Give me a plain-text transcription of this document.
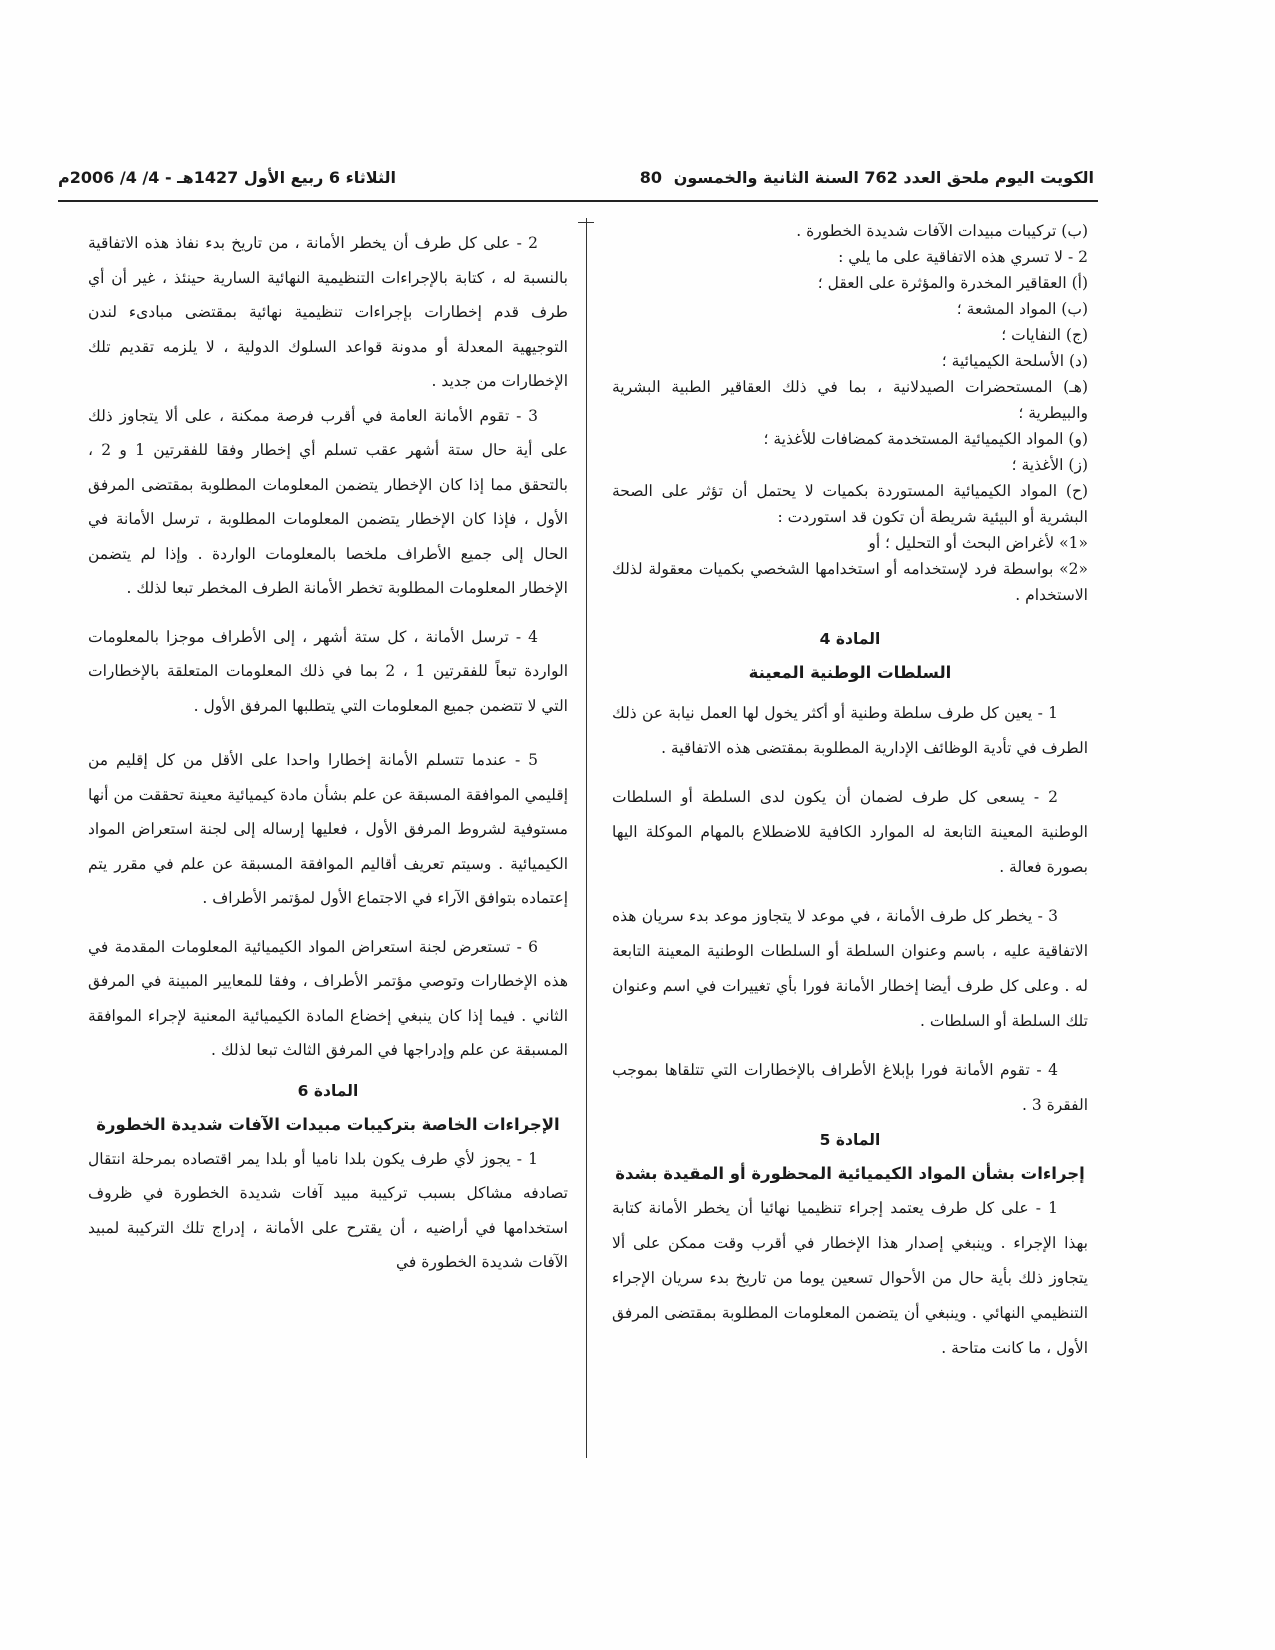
الكويت اليوم ملحق العدد 762 السنة الثانية والخمسون
80
الثلاثاء 6 ربيع الأول 1427هـ - 4/ 4/ 2006م

(ب) تركيبات مبيدات الآفات شديدة الخطورة .

2 - لا تسري هذه الاتفاقية على ما يلي :

(أ) العقاقير المخدرة والمؤثرة على العقل ؛

(ب) المواد المشعة ؛

(ج) النفايات ؛

(د) الأسلحة الكيميائية ؛

(هـ) المستحضرات الصيدلانية ، بما في ذلك العقاقير الطبية البشرية والبيطرية ؛

(و) المواد الكيميائية المستخدمة كمضافات للأغذية ؛

(ز) الأغذية ؛

(ح) المواد الكيميائية المستوردة بكميات لا يحتمل أن تؤثر على الصحة البشرية أو البيئية شريطة أن تكون قد استوردت :

«1» لأغراض البحث أو التحليل ؛ أو

«2» بواسطة فرد لإستخدامه أو استخدامها الشخصي بكميات معقولة لذلك الاستخدام .

المادة 4

السلطات الوطنية المعينة

1 - يعين كل طرف سلطة وطنية أو أكثر يخول لها العمل نيابة عن ذلك الطرف في تأدية الوظائف الإدارية المطلوبة بمقتضى هذه الاتفاقية .

2 - يسعى كل طرف لضمان أن يكون لدى السلطة أو السلطات الوطنية المعينة التابعة له الموارد الكافية للاضطلاع بالمهام الموكلة اليها بصورة فعالة .

3 - يخطر كل طرف الأمانة ، في موعد لا يتجاوز موعد بدء سريان هذه الاتفاقية عليه ، باسم وعنوان السلطة أو السلطات الوطنية المعينة التابعة له . وعلى كل طرف أيضا إخطار الأمانة فورا بأي تغييرات في اسم وعنوان تلك السلطة أو السلطات .

4 - تقوم الأمانة فورا بإبلاغ الأطراف بالإخطارات التي تتلقاها بموجب الفقرة 3 .

المادة 5

إجراءات بشأن المواد الكيميائية المحظورة أو المقيدة بشدة

1 - على كل طرف يعتمد إجراء تنظيميا نهائيا أن يخطر الأمانة كتابة بهذا الإجراء . وينبغي إصدار هذا الإخطار في أقرب وقت ممكن على ألا يتجاوز ذلك بأية حال من الأحوال تسعين يوما من تاريخ بدء سريان الإجراء التنظيمي النهائي . وينبغي أن يتضمن المعلومات المطلوبة بمقتضى المرفق الأول ، ما كانت متاحة .

2 - على كل طرف أن يخطر الأمانة ، من تاريخ بدء نفاذ هذه الاتفاقية بالنسبة له ، كتابة بالإجراءات التنظيمية النهائية السارية حينئذ ، غير أن أي طرف قدم إخطارات بإجراءات تنظيمية نهائية بمقتضى مبادىء لندن التوجيهية المعدلة أو مدونة قواعد السلوك الدولية ، لا يلزمه تقديم تلك الإخطارات من جديد .

3 - تقوم الأمانة العامة في أقرب فرصة ممكنة ، على ألا يتجاوز ذلك على أية حال ستة أشهر عقب تسلم أي إخطار وفقا للفقرتين 1 و 2 ، بالتحقق مما إذا كان الإخطار يتضمن المعلومات المطلوبة بمقتضى المرفق الأول ، فإذا كان الإخطار يتضمن المعلومات المطلوبة ، ترسل الأمانة في الحال إلى جميع الأطراف ملخصا بالمعلومات الواردة . وإذا لم يتضمن الإخطار المعلومات المطلوبة تخطر الأمانة الطرف المخطر تبعا لذلك .

4 - ترسل الأمانة ، كل ستة أشهر ، إلى الأطراف موجزا بالمعلومات الواردة تبعاً للفقرتين 1 ، 2 بما في ذلك المعلومات المتعلقة بالإخطارات التي لا تتضمن جميع المعلومات التي يتطلبها المرفق الأول .

5 - عندما تتسلم الأمانة إخطارا واحدا على الأقل من كل إقليم من إقليمي الموافقة المسبقة عن علم بشأن مادة كيميائية معينة تحققت من أنها مستوفية لشروط المرفق الأول ، فعليها إرساله إلى لجنة استعراض المواد الكيميائية . وسيتم تعريف أقاليم الموافقة المسبقة عن علم في مقرر يتم إعتماده بتوافق الآراء في الاجتماع الأول لمؤتمر الأطراف .

6 - تستعرض لجنة استعراض المواد الكيميائية المعلومات المقدمة في هذه الإخطارات وتوصي مؤتمر الأطراف ، وفقا للمعايير المبينة في المرفق الثاني . فيما إذا كان ينبغي إخضاع المادة الكيميائية المعنية لإجراء الموافقة المسبقة عن علم وإدراجها في المرفق الثالث تبعا لذلك .

المادة 6

الإجراءات الخاصة بتركيبات مبيدات الآفات شديدة الخطورة

1 - يجوز لأي طرف يكون بلدا ناميا أو بلدا يمر اقتصاده بمرحلة انتقال تصادفه مشاكل بسبب تركيبة مبيد آفات شديدة الخطورة في ظروف استخدامها في أراضيه ، أن يقترح على الأمانة ، إدراج تلك التركيبة لمبيد الآفات شديدة الخطورة في
